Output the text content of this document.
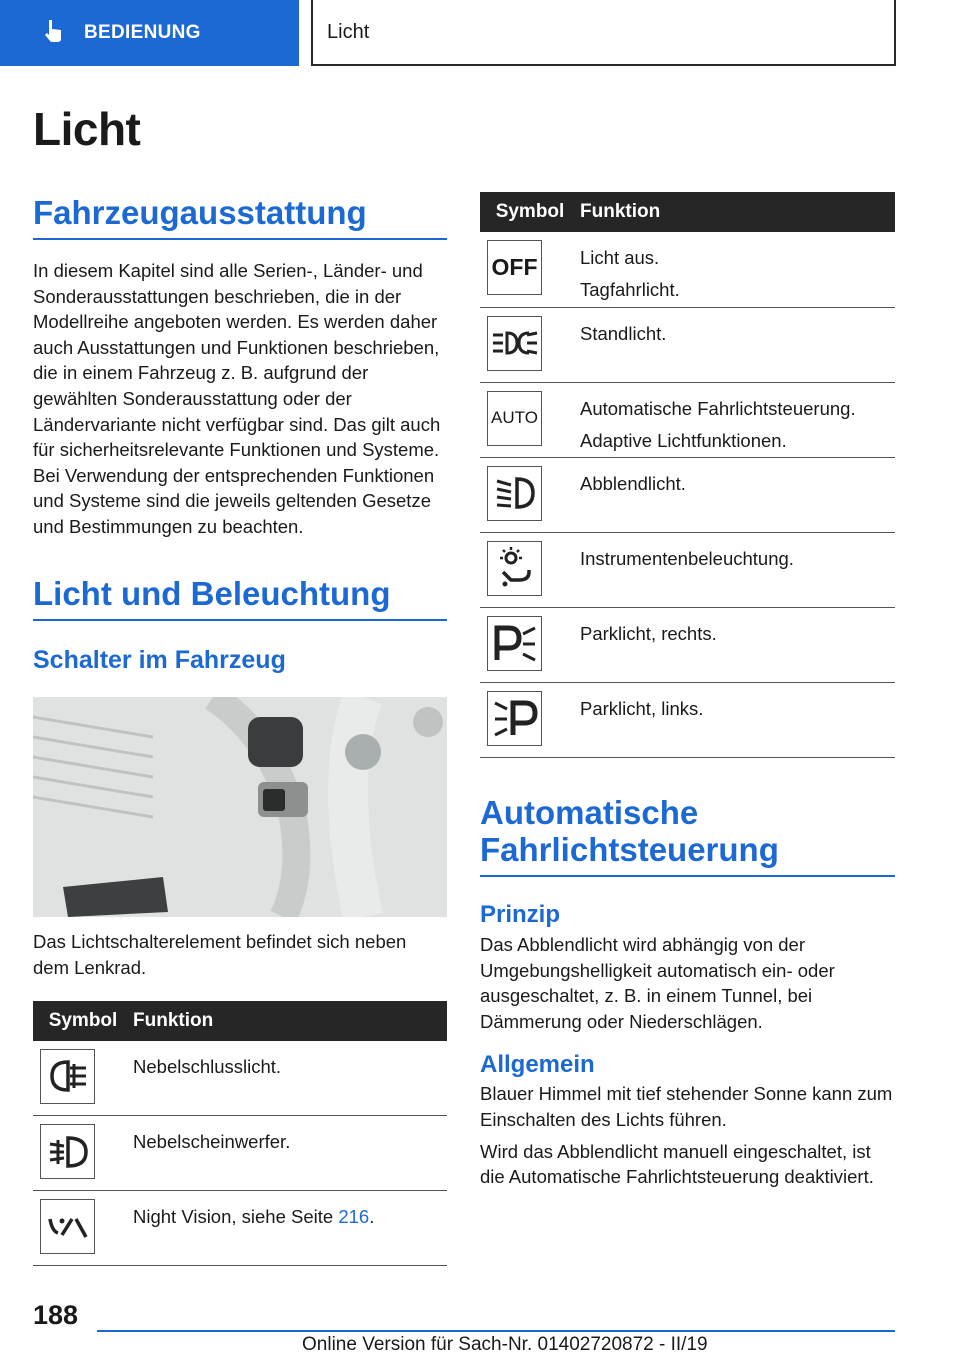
BEDIENUNG	Licht
Licht
Fahrzeugausstattung

In diesem Kapitel sind alle Serien-, Länder- und Sonderausstattungen beschrieben, die in der Modellreihe angeboten werden. Es werden daher auch Ausstattungen und Funktionen beschrieben, die in einem Fahrzeug z. B. aufgrund der gewählten Sonderausstattung oder der Ländervariante nicht verfügbar sind. Das gilt auch für sicherheitsrelevante Funktionen und Systeme. Bei Verwendung der entsprechenden Funktionen und Systeme sind die jeweils geltenden Gesetze und Bestimmungen zu beachten.

Licht und Beleuchtung
Schalter im Fahrzeug

Das Lichtschalterelement befindet sich neben dem Lenkrad.

Symbol	Funktion

	Nebelschlusslicht.

	Nebelscheinwerfer.

	Night Vision, siehe Seite 216.
Symbol	Funktion

OFF	Licht aus.
Tagfahrlicht.

	Standlicht.

AUTO	Automatische Fahrlichtsteuerung.
Adaptive Lichtfunktionen.

	Abblendlicht.

	Instrumentenbeleuchtung.

	Parklicht, rechts.

	Parklicht, links.
Automatische Fahrlichtsteuerung
Prinzip

Das Abblendlicht wird abhängig von der Umgebungshelligkeit automatisch ein- oder ausgeschaltet, z. B. in einem Tunnel, bei Dämmerung oder Niederschlägen.

Allgemein

Blauer Himmel mit tief stehender Sonne kann zum Einschalten des Lichts führen.

Wird das Abblendlicht manuell eingeschaltet, ist die Automatische Fahrlichtsteuerung deaktiviert.

188
Online Version für Sach-Nr. 01402720872 - II/19
